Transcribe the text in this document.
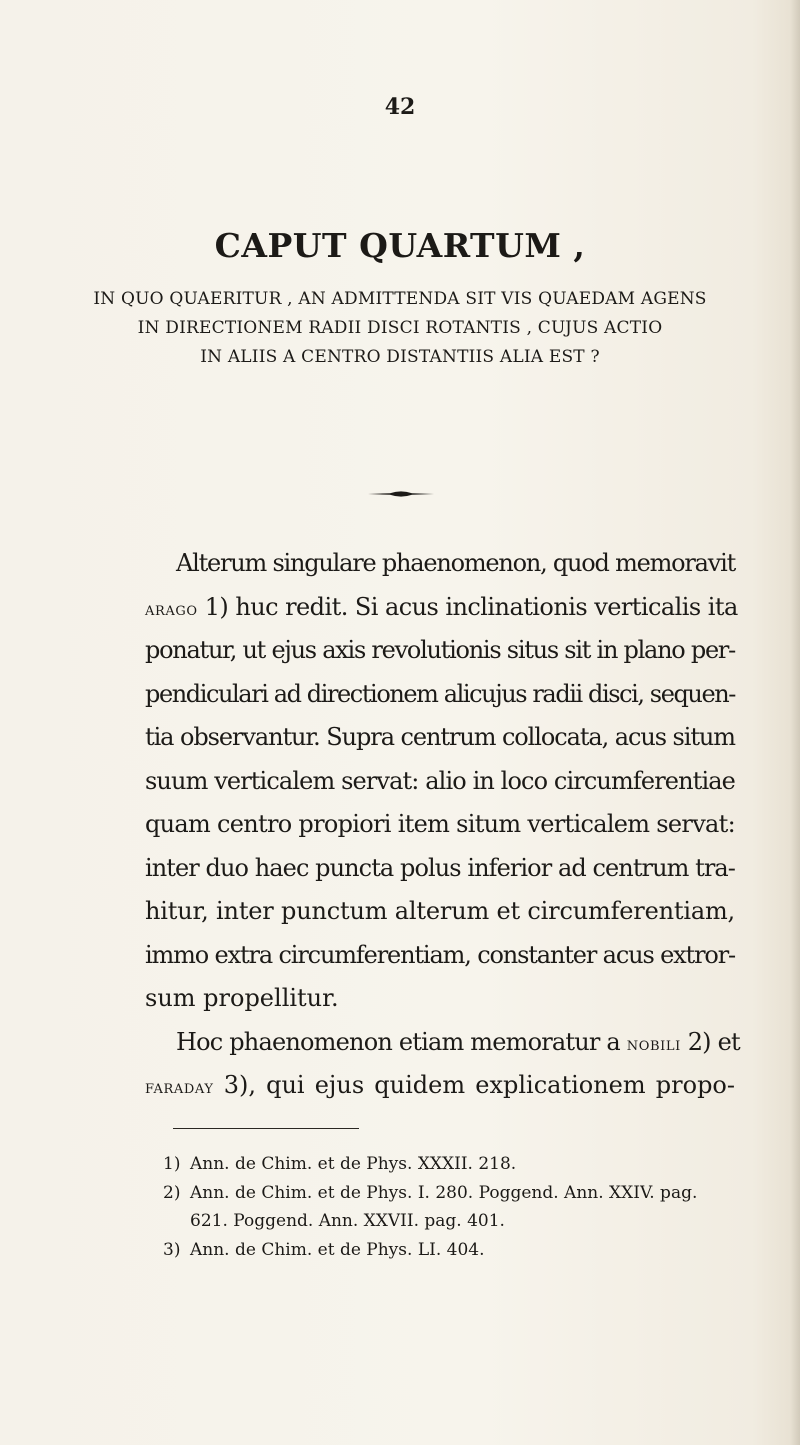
42
CAPUT QUARTUM ,
IN QUO QUAERITUR , AN ADMITTENDA SIT VIS QUAEDAM AGENS
IN DIRECTIONEM RADII DISCI ROTANTIS , CUJUS ACTIO
IN ALIIS A CENTRO DISTANTIIS ALIA EST ?
Alterum singulare phaenomenon, quod memoravit
arago 1) huc redit. Si acus inclinationis verticalis ita
ponatur, ut ejus axis revolutionis situs sit in plano per-
pendiculari ad directionem alicujus radii disci, sequen-
tia observantur. Supra centrum collocata, acus situm
suum verticalem servat: alio in loco circumferentiae
quam centro propiori item situm verticalem servat:
inter duo haec puncta polus inferior ad centrum tra-
hitur, inter punctum alterum et circumferentiam,
immo extra circumferentiam, constanter acus extror-
sum propellitur.
Hoc phaenomenon etiam memoratur a nobili 2) et
faraday 3), qui ejus quidem explicationem propo-
1) Ann. de Chim. et de Phys. XXXII. 218.
2) Ann. de Chim. et de Phys. I. 280. Poggend. Ann. XXIV. pag.
621. Poggend. Ann. XXVII. pag. 401.
3) Ann. de Chim. et de Phys. LI. 404.
